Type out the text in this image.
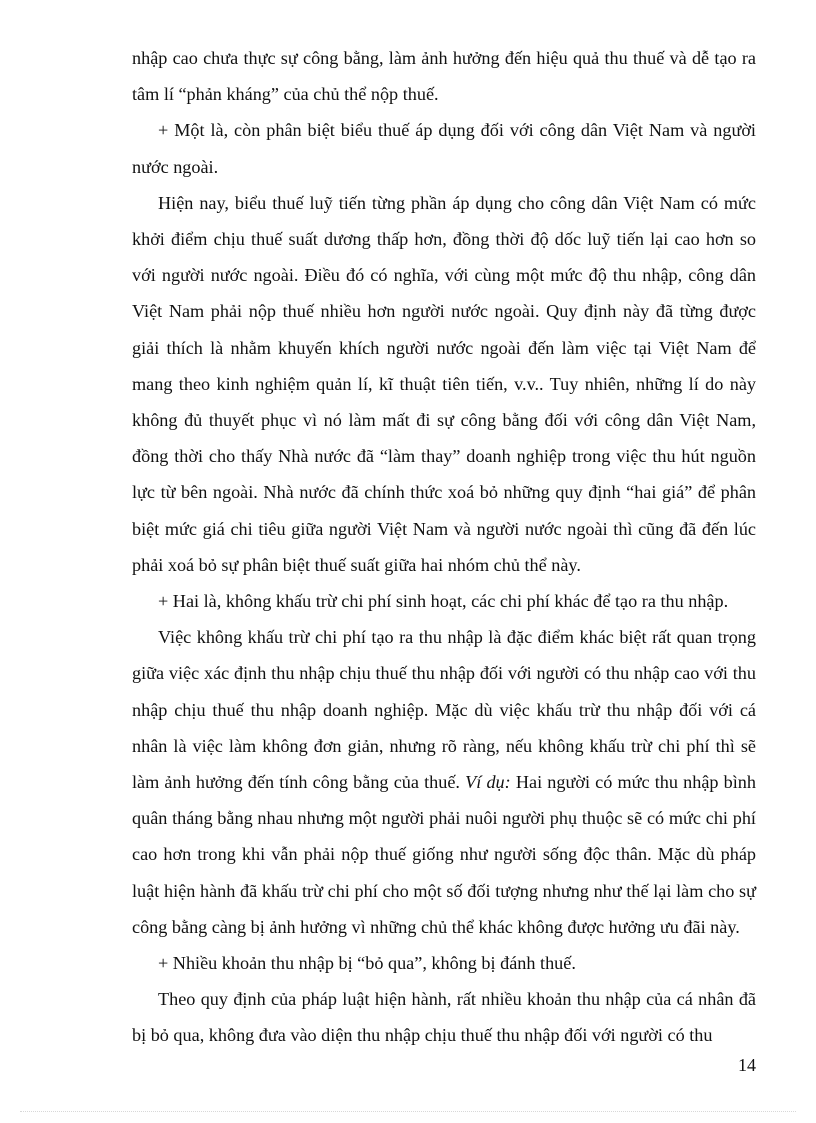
nhập cao chưa thực sự công bằng, làm ảnh hưởng đến hiệu quả thu thuế và dễ tạo ra tâm lí “phản kháng” của chủ thể nộp thuế.

+ Một là, còn phân biệt biểu thuế áp dụng đối với công dân Việt Nam và người nước ngoài.

Hiện nay, biểu thuế luỹ tiến từng phần áp dụng cho công dân Việt Nam có mức khởi điểm chịu thuế suất dương thấp hơn, đồng thời độ dốc luỹ tiến lại cao hơn so với người nước ngoài. Điều đó có nghĩa, với cùng một mức độ thu nhập, công dân Việt Nam phải nộp thuế nhiều hơn người nước ngoài. Quy định này đã từng được giải thích là nhằm khuyến khích người nước ngoài đến làm việc tại Việt Nam để mang theo kinh nghiệm quản lí, kĩ thuật tiên tiến, v.v.. Tuy nhiên, những lí do này không đủ thuyết phục vì nó làm mất đi sự công bằng đối với công dân Việt Nam, đồng thời cho thấy Nhà nước đã “làm thay” doanh nghiệp trong việc thu hút nguồn lực từ bên ngoài. Nhà nước đã chính thức xoá bỏ những quy định “hai giá” để phân biệt mức giá chi tiêu giữa người Việt Nam và người nước ngoài thì cũng đã đến lúc phải xoá bỏ sự phân biệt thuế suất giữa hai nhóm chủ thể này.

+ Hai là, không khấu trừ chi phí sinh hoạt, các chi phí khác để tạo ra thu nhập.

Việc không khấu trừ chi phí tạo ra thu nhập là đặc điểm khác biệt rất quan trọng giữa việc xác định thu nhập chịu thuế thu nhập đối với người có thu nhập cao với thu nhập chịu thuế thu nhập doanh nghiệp. Mặc dù việc khấu trừ thu nhập đối với cá nhân là việc làm không đơn giản, nhưng rõ ràng, nếu không khấu trừ chi phí thì sẽ làm ảnh hưởng đến tính công bằng của thuế. Ví dụ: Hai người có mức thu nhập bình quân tháng bằng nhau nhưng một người phải nuôi người phụ thuộc sẽ có mức chi phí cao hơn trong khi vẫn phải nộp thuế giống như người sống độc thân. Mặc dù pháp luật hiện hành đã khấu trừ chi phí cho một số đối tượng nhưng như thế lại làm cho sự công bằng càng bị ảnh hưởng vì những chủ thể khác không được hưởng ưu đãi này.

+ Nhiều khoản thu nhập bị “bỏ qua”, không bị đánh thuế.

Theo quy định của pháp luật hiện hành, rất nhiều khoản thu nhập của cá nhân đã bị bỏ qua, không đưa vào diện thu nhập chịu thuế thu nhập đối với người có thu

14
